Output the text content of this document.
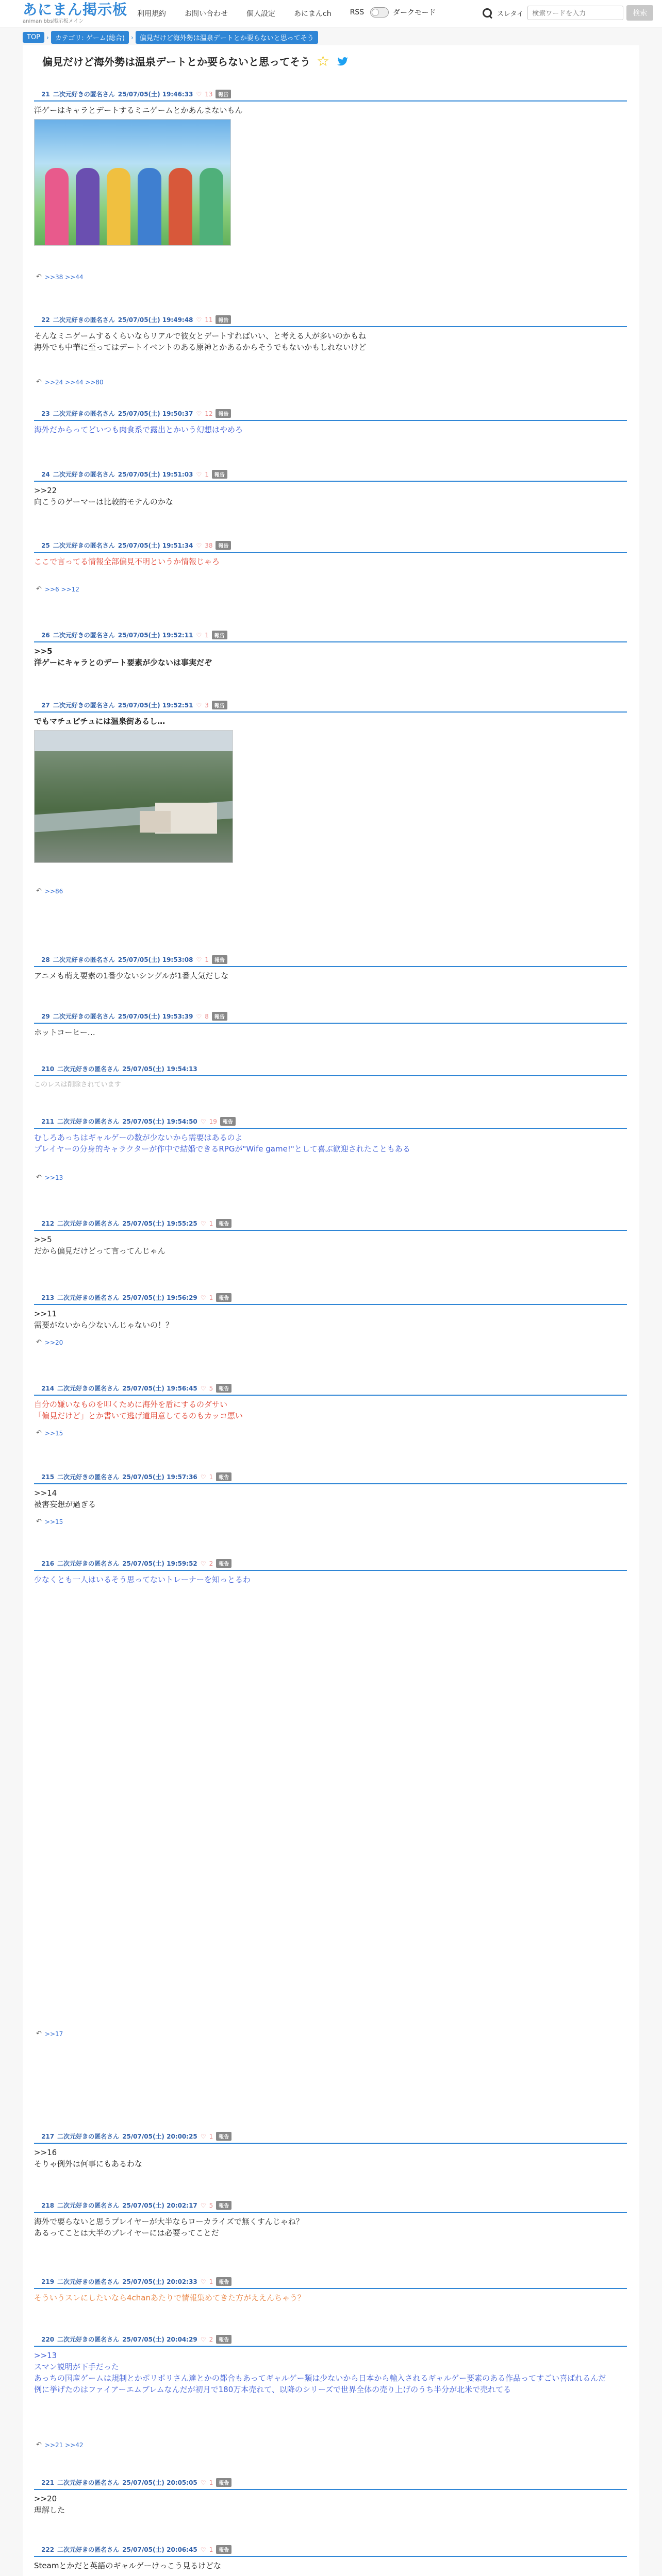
あにまん掲示板
animan bbs掲示板メイン
利用規約	お問い合わせ	個人設定	あにまんch	RSS	ダークモード	スレタイ
検索ワードを入力	検索
TOP	› カテゴリ: ゲーム(総合)	› 偏見だけど海外勢は温泉デートとか要らないと思ってそう
偏見だけど海外勢は温泉デートとか要らないと思ってそう ☆
21 二次元好きの匿名さん 25/07/05(土) 19:46:33 ♡ 13	報告
洋ゲーはキャラとデートするミニゲームとかあんまないもん
↶ >>38 >>44
22 二次元好きの匿名さん 25/07/05(土) 19:49:48 ♡ 11	報告
そんなミニゲームするくらいならリアルで彼女とデートすればいい、と考える人が多いのかもね
海外でも中華に至ってはデートイベントのある原神とかあるからそうでもないかもしれないけど
↶ >>24 >>44 >>80
23 二次元好きの匿名さん 25/07/05(土) 19:50:37 ♡ 12	報告
海外だからってどいつも肉食系で露出とかいう幻想はやめろ
24 二次元好きの匿名さん 25/07/05(土) 19:51:03 ♡ 1	報告
>>22
向こうのゲーマーは比較的モテんのかな
25 二次元好きの匿名さん 25/07/05(土) 19:51:34 ♡ 38	報告
ここで言ってる情報全部偏見不明というか情報じゃろ
↶ >>6 >>12
26 二次元好きの匿名さん 25/07/05(土) 19:52:11 ♡ 1	報告
>>5
洋ゲーにキャラとのデート要素が少ないは事実だぞ
27 二次元好きの匿名さん 25/07/05(土) 19:52:51 ♡ 3	報告
でもマチュピチュには温泉街あるし…
↶ >>86
28 二次元好きの匿名さん 25/07/05(土) 19:53:08 ♡ 1	報告
アニメも萌え要素の1番少ないシングルが1番人気だしな
29 二次元好きの匿名さん 25/07/05(土) 19:53:39 ♡ 8	報告
ホットコーヒー…
210 二次元好きの匿名さん 25/07/05(土) 19:54:13
このレスは削除されています
211 二次元好きの匿名さん 25/07/05(土) 19:54:50 ♡ 19	報告
むしろあっちはギャルゲーの数が少ないから需要はあるのよ
プレイヤーの分身的キャラクターが作中で結婚できるRPGが"Wife game!"として喜ぶ歓迎されたこともある
↶ >>13
212 二次元好きの匿名さん 25/07/05(土) 19:55:25 ♡ 1	報告
>>5
だから偏見だけどって言ってんじゃん
213 二次元好きの匿名さん 25/07/05(土) 19:56:29 ♡ 1	報告
>>11
需要がないから少ないんじゃないの！？
↶ >>20
214 二次元好きの匿名さん 25/07/05(土) 19:56:45 ♡ 5	報告
自分の嫌いなものを叩くために海外を盾にするのダサい
「偏見だけど」とか書いて逃げ道用意してるのもカッコ悪い
↶ >>15
215 二次元好きの匿名さん 25/07/05(土) 19:57:36 ♡ 1	報告
>>14
被害妄想が過ぎる
↶ >>15
216 二次元好きの匿名さん 25/07/05(土) 19:59:52 ♡ 2	報告
少なくとも一人はいるそう思ってないトレーナーを知っとるわ
↶ >>17
217 二次元好きの匿名さん 25/07/05(土) 20:00:25 ♡ 1	報告
>>16
そりゃ例外は何事にもあるわな
218 二次元好きの匿名さん 25/07/05(土) 20:02:17 ♡ 5	報告
海外で要らないと思うプレイヤーが大半ならローカライズで無くすんじゃね？
あるってことは大半のプレイヤーには必要ってことだ
219 二次元好きの匿名さん 25/07/05(土) 20:02:33 ♡ 1	報告
そういうスレにしたいなら4chanあたりで情報集めてきた方がええんちゃう？
220 二次元好きの匿名さん 25/07/05(土) 20:04:29 ♡ 2	報告
>>13
スマン説明が下手だった
あっちの国産ゲームは規制とかポリポリさん達とかの都合もあってギャルゲー類は少ないから日本から輸入されるギャルゲー要素のある作品ってすごい喜ばれるんだ
例に挙げたのはファイアーエムブレムなんだが初月で180万本売れて、以降のシリーズで世界全体の売り上げのうち半分が北米で売れてる
↶ >>21 >>42
221 二次元好きの匿名さん 25/07/05(土) 20:05:05 ♡ 1	報告
>>20
理解した
222 二次元好きの匿名さん 25/07/05(土) 20:06:45 ♡ 1	報告
Steamとかだと英語のギャルゲーけっこう見るけどな
